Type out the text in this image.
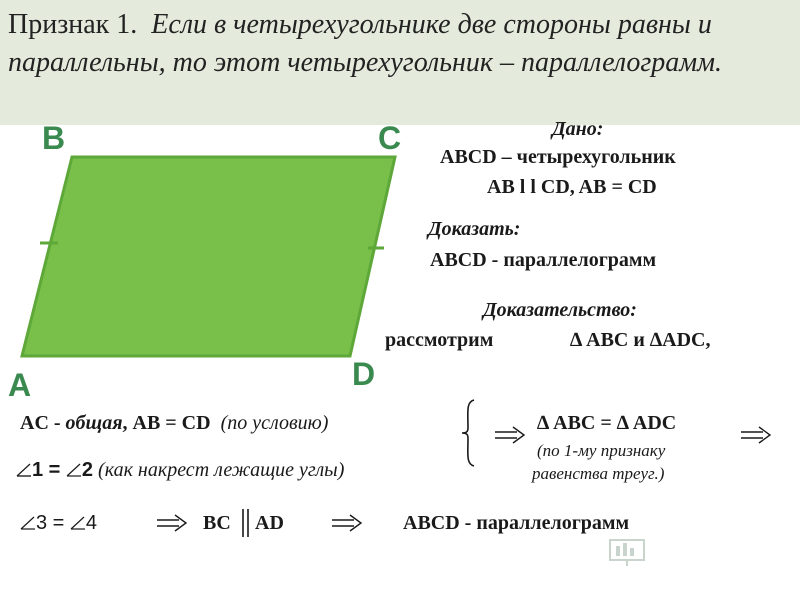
Признак 1. Если в четырехугольнике две стороны равны и параллельны, то этот четырехугольник – параллелограмм.
B	C
A	D
Дано:
ABCD – четырехугольник
AB l l CD, AB = CD
Доказать:
ABCD - параллелограмм
Доказательство:
рассмотрим	∆ ABC и ∆ADC,
AC - общая, AB = CD (по условию)
1 = 2 (как накрест лежащие углы)
∆ ABC = ∆ ADC
(по 1-му признаку
равенства треуг.)
3 = 4	BC AD	ABCD - параллелограмм
